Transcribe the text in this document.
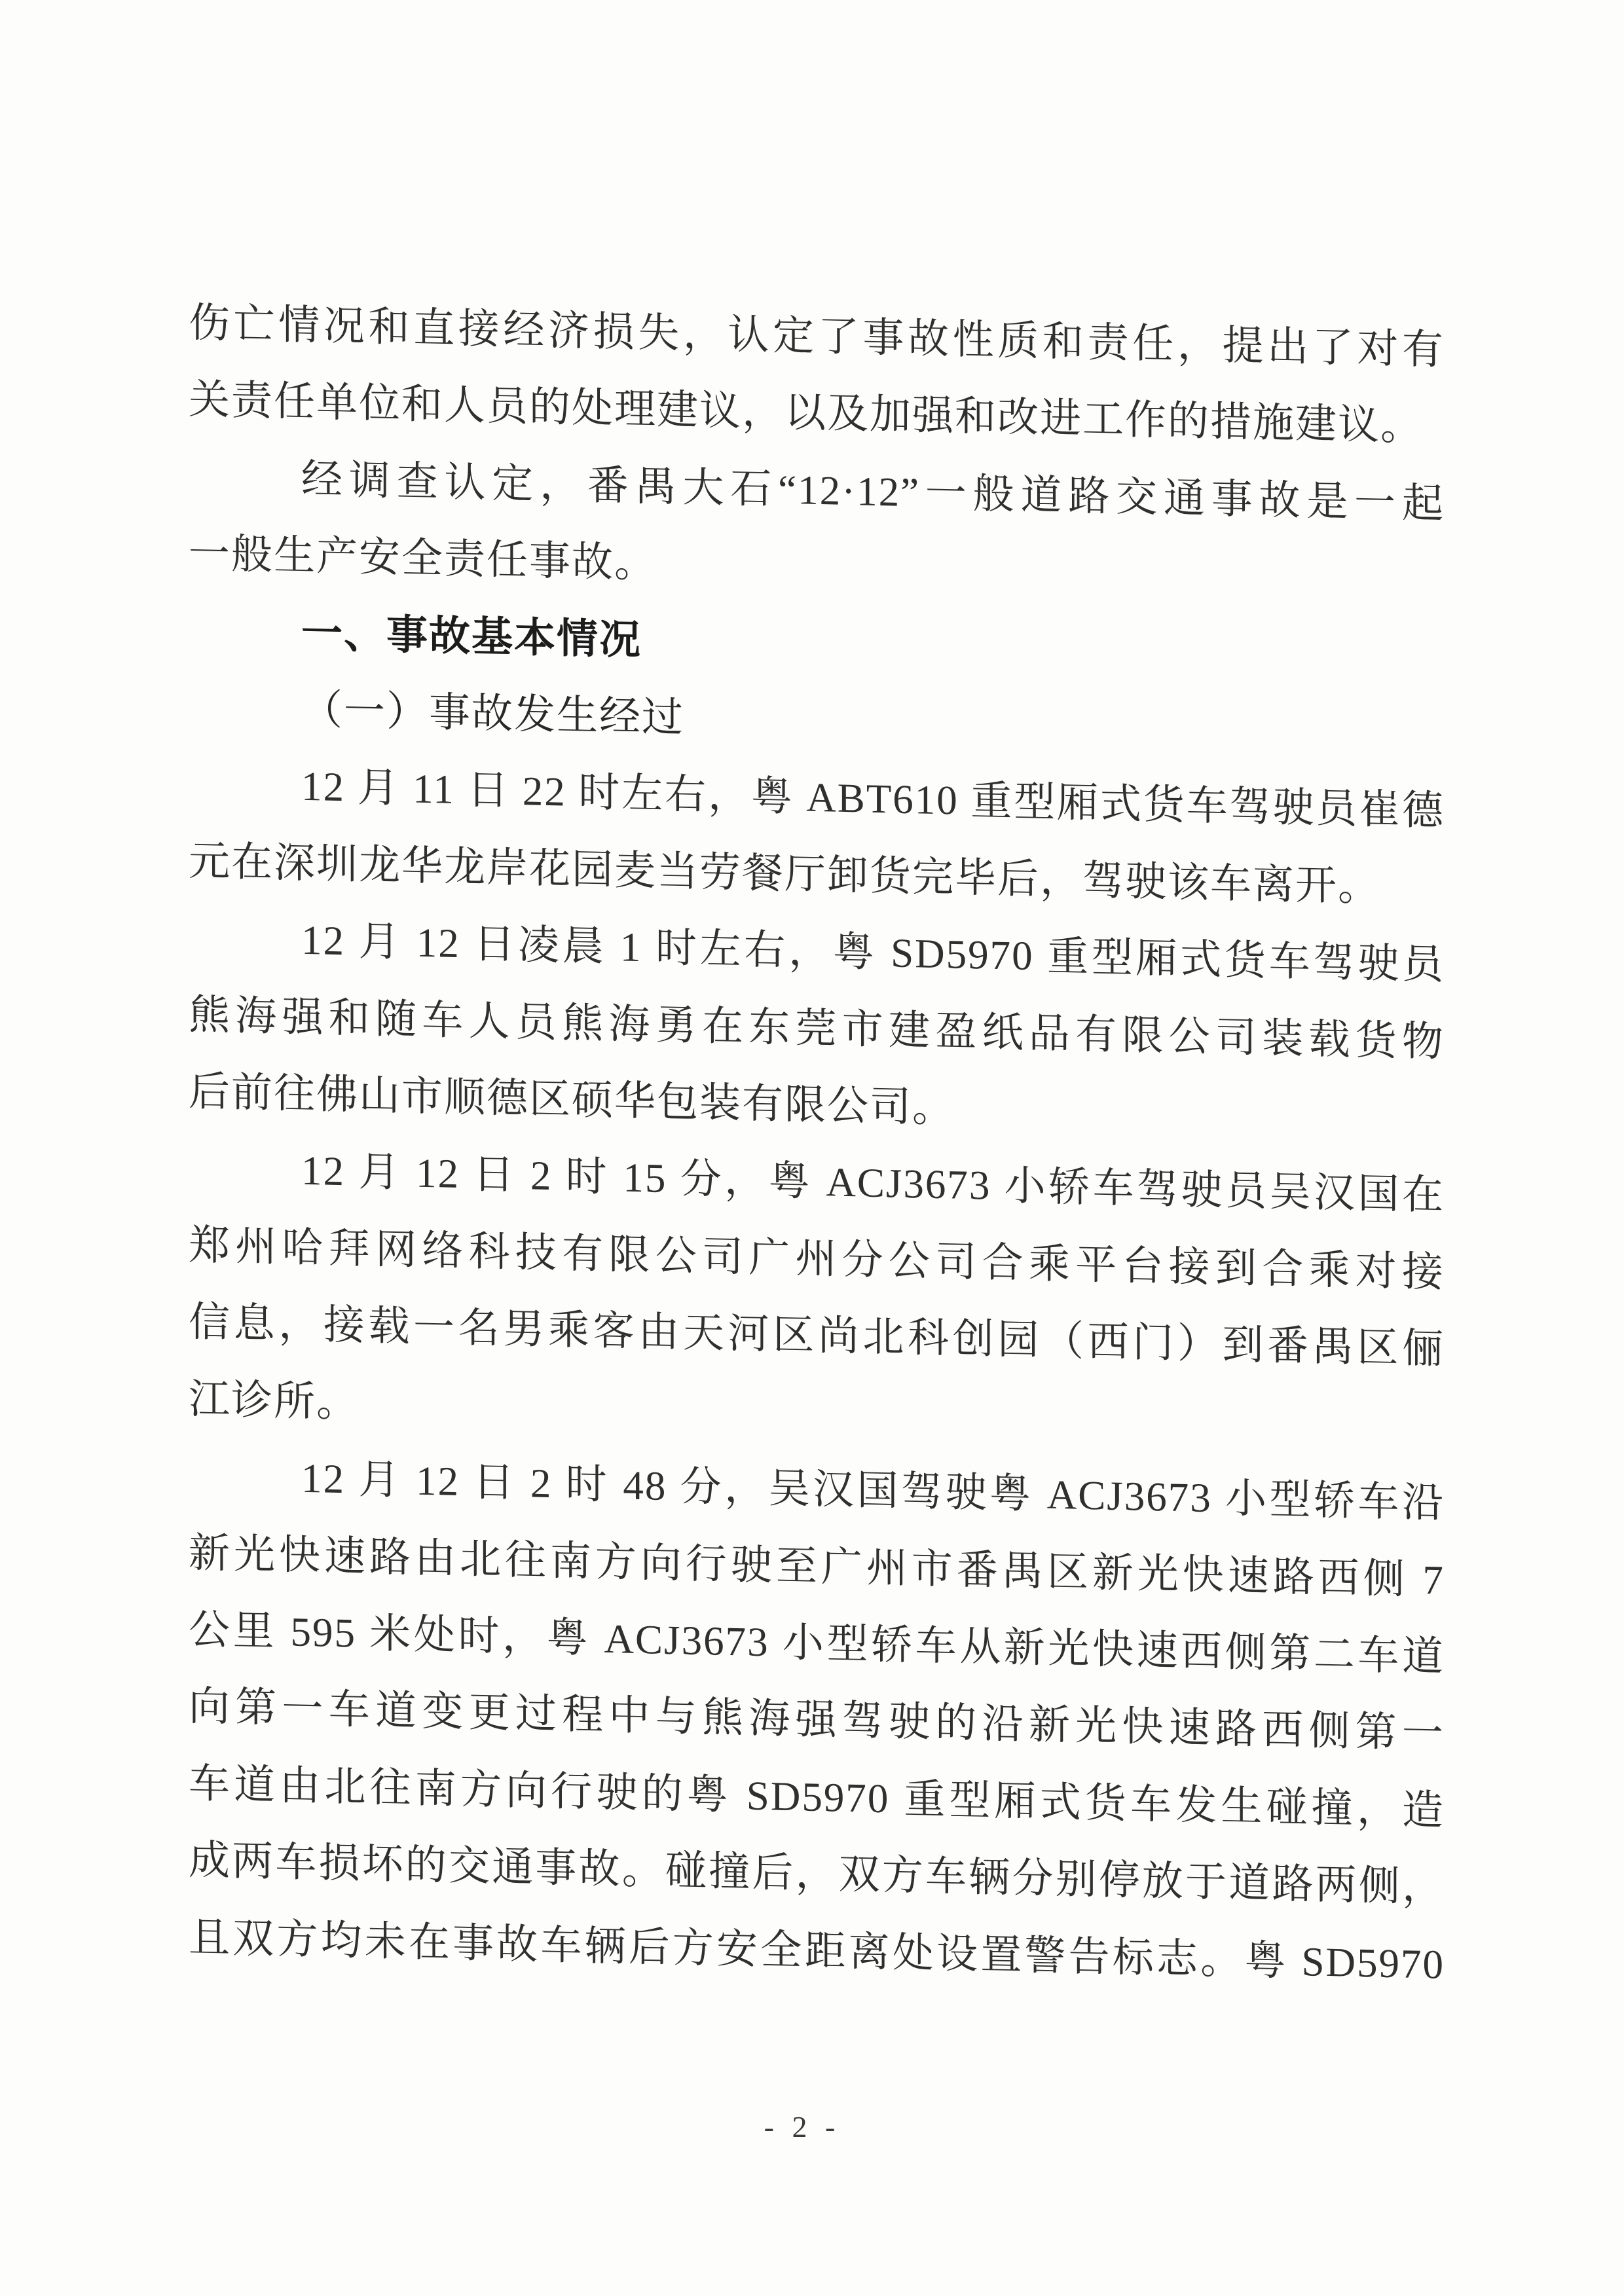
伤亡情况和直接经济损失，认定了事故性质和责任，提出了对有
关责任单位和人员的处理建议，以及加强和改进工作的措施建议。
经调查认定，番禺大石“12·12”一般道路交通事故是一起
一般生产安全责任事故。
一、事故基本情况
（一）事故发生经过
12 月 11 日 22 时左右，粤 ABT610 重型厢式货车驾驶员崔德
元在深圳龙华龙岸花园麦当劳餐厅卸货完毕后，驾驶该车离开。
12 月 12 日凌晨 1 时左右，粤 SD5970 重型厢式货车驾驶员
熊海强和随车人员熊海勇在东莞市建盈纸品有限公司装载货物
后前往佛山市顺德区硕华包装有限公司。
12 月 12 日 2 时 15 分，粤 ACJ3673 小轿车驾驶员吴汉国在
郑州哈拜网络科技有限公司广州分公司合乘平台接到合乘对接
信息，接载一名男乘客由天河区尚北科创园（西门）到番禺区俪
江诊所。
12 月 12 日 2 时 48 分，吴汉国驾驶粤 ACJ3673 小型轿车沿
新光快速路由北往南方向行驶至广州市番禺区新光快速路西侧 7
公里 595 米处时，粤 ACJ3673 小型轿车从新光快速西侧第二车道
向第一车道变更过程中与熊海强驾驶的沿新光快速路西侧第一
车道由北往南方向行驶的粤 SD5970 重型厢式货车发生碰撞，造
成两车损坏的交通事故。碰撞后，双方车辆分别停放于道路两侧，
且双方均未在事故车辆后方安全距离处设置警告标志。粤 SD5970
- 2 -
